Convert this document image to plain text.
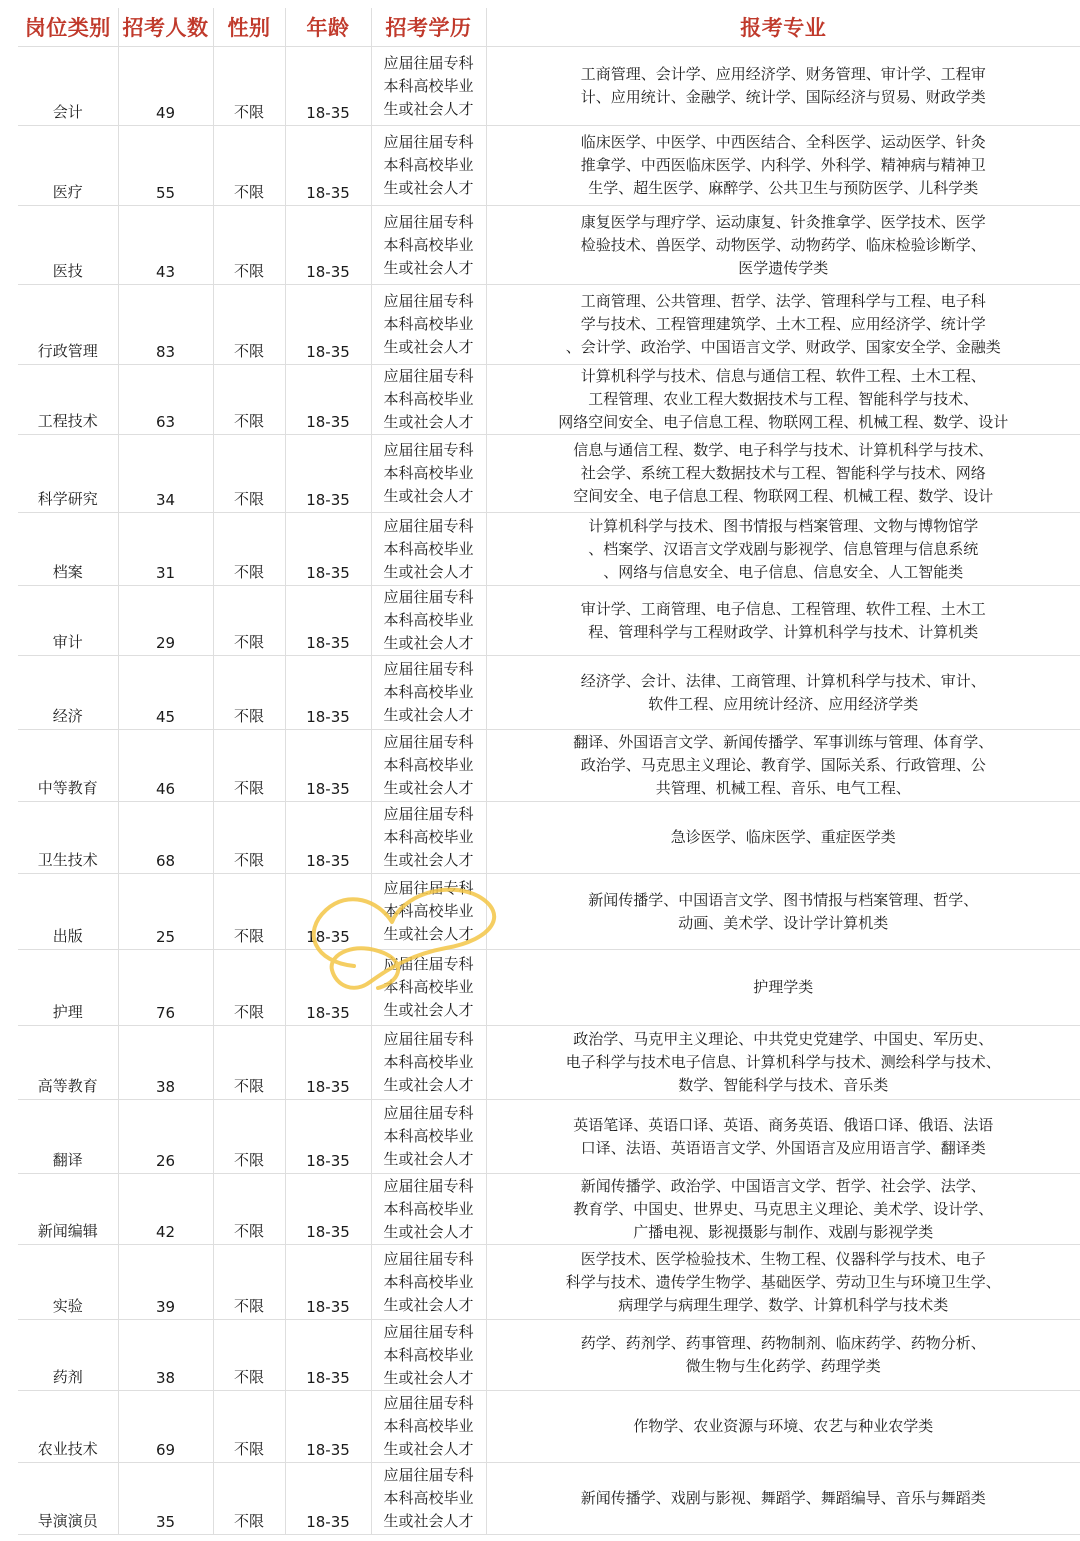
岗位类别	招考人数	性别	年龄	招考学历	报考专业
会计	49	不限	18-35	应届往届专科
本科高校毕业
生或社会人才	工商管理、会计学、应用经济学、财务管理、审计学、工程审
计、应用统计、金融学、统计学、国际经济与贸易、财政学类

医疗	55	不限	18-35	应届往届专科
本科高校毕业
生或社会人才	临床医学、中医学、中西医结合、全科医学、运动医学、针灸
推拿学、中西医临床医学、内科学、外科学、精神病与精神卫
生学、超生医学、麻醉学、公共卫生与预防医学、儿科学类

医技	43	不限	18-35	应届往届专科
本科高校毕业
生或社会人才	康复医学与理疗学、运动康复、针灸推拿学、医学技术、医学
检验技术、兽医学、动物医学、动物药学、临床检验诊断学、
医学遗传学类

行政管理	83	不限	18-35	应届往届专科
本科高校毕业
生或社会人才	工商管理、公共管理、哲学、法学、管理科学与工程、电子科
学与技术、工程管理建筑学、土木工程、应用经济学、统计学
、会计学、政治学、中国语言文学、财政学、国家安全学、金融类

工程技术	63	不限	18-35	应届往届专科
本科高校毕业
生或社会人才	计算机科学与技术、信息与通信工程、软件工程、土木工程、
工程管理、农业工程大数据技术与工程、智能科学与技术、
网络空间安全、电子信息工程、物联网工程、机械工程、数学、设计

科学研究	34	不限	18-35	应届往届专科
本科高校毕业
生或社会人才	信息与通信工程、数学、电子科学与技术、计算机科学与技术、
社会学、系统工程大数据技术与工程、智能科学与技术、网络
空间安全、电子信息工程、物联网工程、机械工程、数学、设计

档案	31	不限	18-35	应届往届专科
本科高校毕业
生或社会人才	计算机科学与技术、图书情报与档案管理、文物与博物馆学
、档案学、汉语言文学戏剧与影视学、信息管理与信息系统
、网络与信息安全、电子信息、信息安全、人工智能类

审计	29	不限	18-35	应届往届专科
本科高校毕业
生或社会人才	审计学、工商管理、电子信息、工程管理、软件工程、土木工
程、管理科学与工程财政学、计算机科学与技术、计算机类

经济	45	不限	18-35	应届往届专科
本科高校毕业
生或社会人才	经济学、会计、法律、工商管理、计算机科学与技术、审计、
软件工程、应用统计经济、应用经济学类

中等教育	46	不限	18-35	应届往届专科
本科高校毕业
生或社会人才	翻译、外国语言文学、新闻传播学、军事训练与管理、体育学、
政治学、马克思主义理论、教育学、国际关系、行政管理、公
共管理、机械工程、音乐、电气工程、

卫生技术	68	不限	18-35	应届往届专科
本科高校毕业
生或社会人才	急诊医学、临床医学、重症医学类

出版	25	不限	18-35	应届往届专科
本科高校毕业
生或社会人才	新闻传播学、中国语言文学、图书情报与档案管理、哲学、
动画、美术学、设计学计算机类

护理	76	不限	18-35	应届往届专科
本科高校毕业
生或社会人才	护理学类

高等教育	38	不限	18-35	应届往届专科
本科高校毕业
生或社会人才	政治学、马克甲主义理论、中共党史党建学、中国史、军历史、
电子科学与技术电子信息、计算机科学与技术、测绘科学与技术、
数学、智能科学与技术、音乐类

翻译	26	不限	18-35	应届往届专科
本科高校毕业
生或社会人才	英语笔译、英语口译、英语、商务英语、俄语口译、俄语、法语
口译、法语、英语语言文学、外国语言及应用语言学、翻译类

新闻编辑	42	不限	18-35	应届往届专科
本科高校毕业
生或社会人才	新闻传播学、政治学、中国语言文学、哲学、社会学、法学、
教育学、中国史、世界史、马克思主义理论、美术学、设计学、
广播电视、影视摄影与制作、戏剧与影视学类

实验	39	不限	18-35	应届往届专科
本科高校毕业
生或社会人才	医学技术、医学检验技术、生物工程、仪器科学与技术、电子
科学与技术、遗传学生物学、基础医学、劳动卫生与环境卫生学、
病理学与病理生理学、数学、计算机科学与技术类

药剂	38	不限	18-35	应届往届专科
本科高校毕业
生或社会人才	药学、药剂学、药事管理、药物制剂、临床药学、药物分析、
微生物与生化药学、药理学类

农业技术	69	不限	18-35	应届往届专科
本科高校毕业
生或社会人才	作物学、农业资源与环境、农艺与种业农学类

导演演员	35	不限	18-35	应届往届专科
本科高校毕业
生或社会人才	新闻传播学、戏剧与影视、舞蹈学、舞蹈编导、音乐与舞蹈类
